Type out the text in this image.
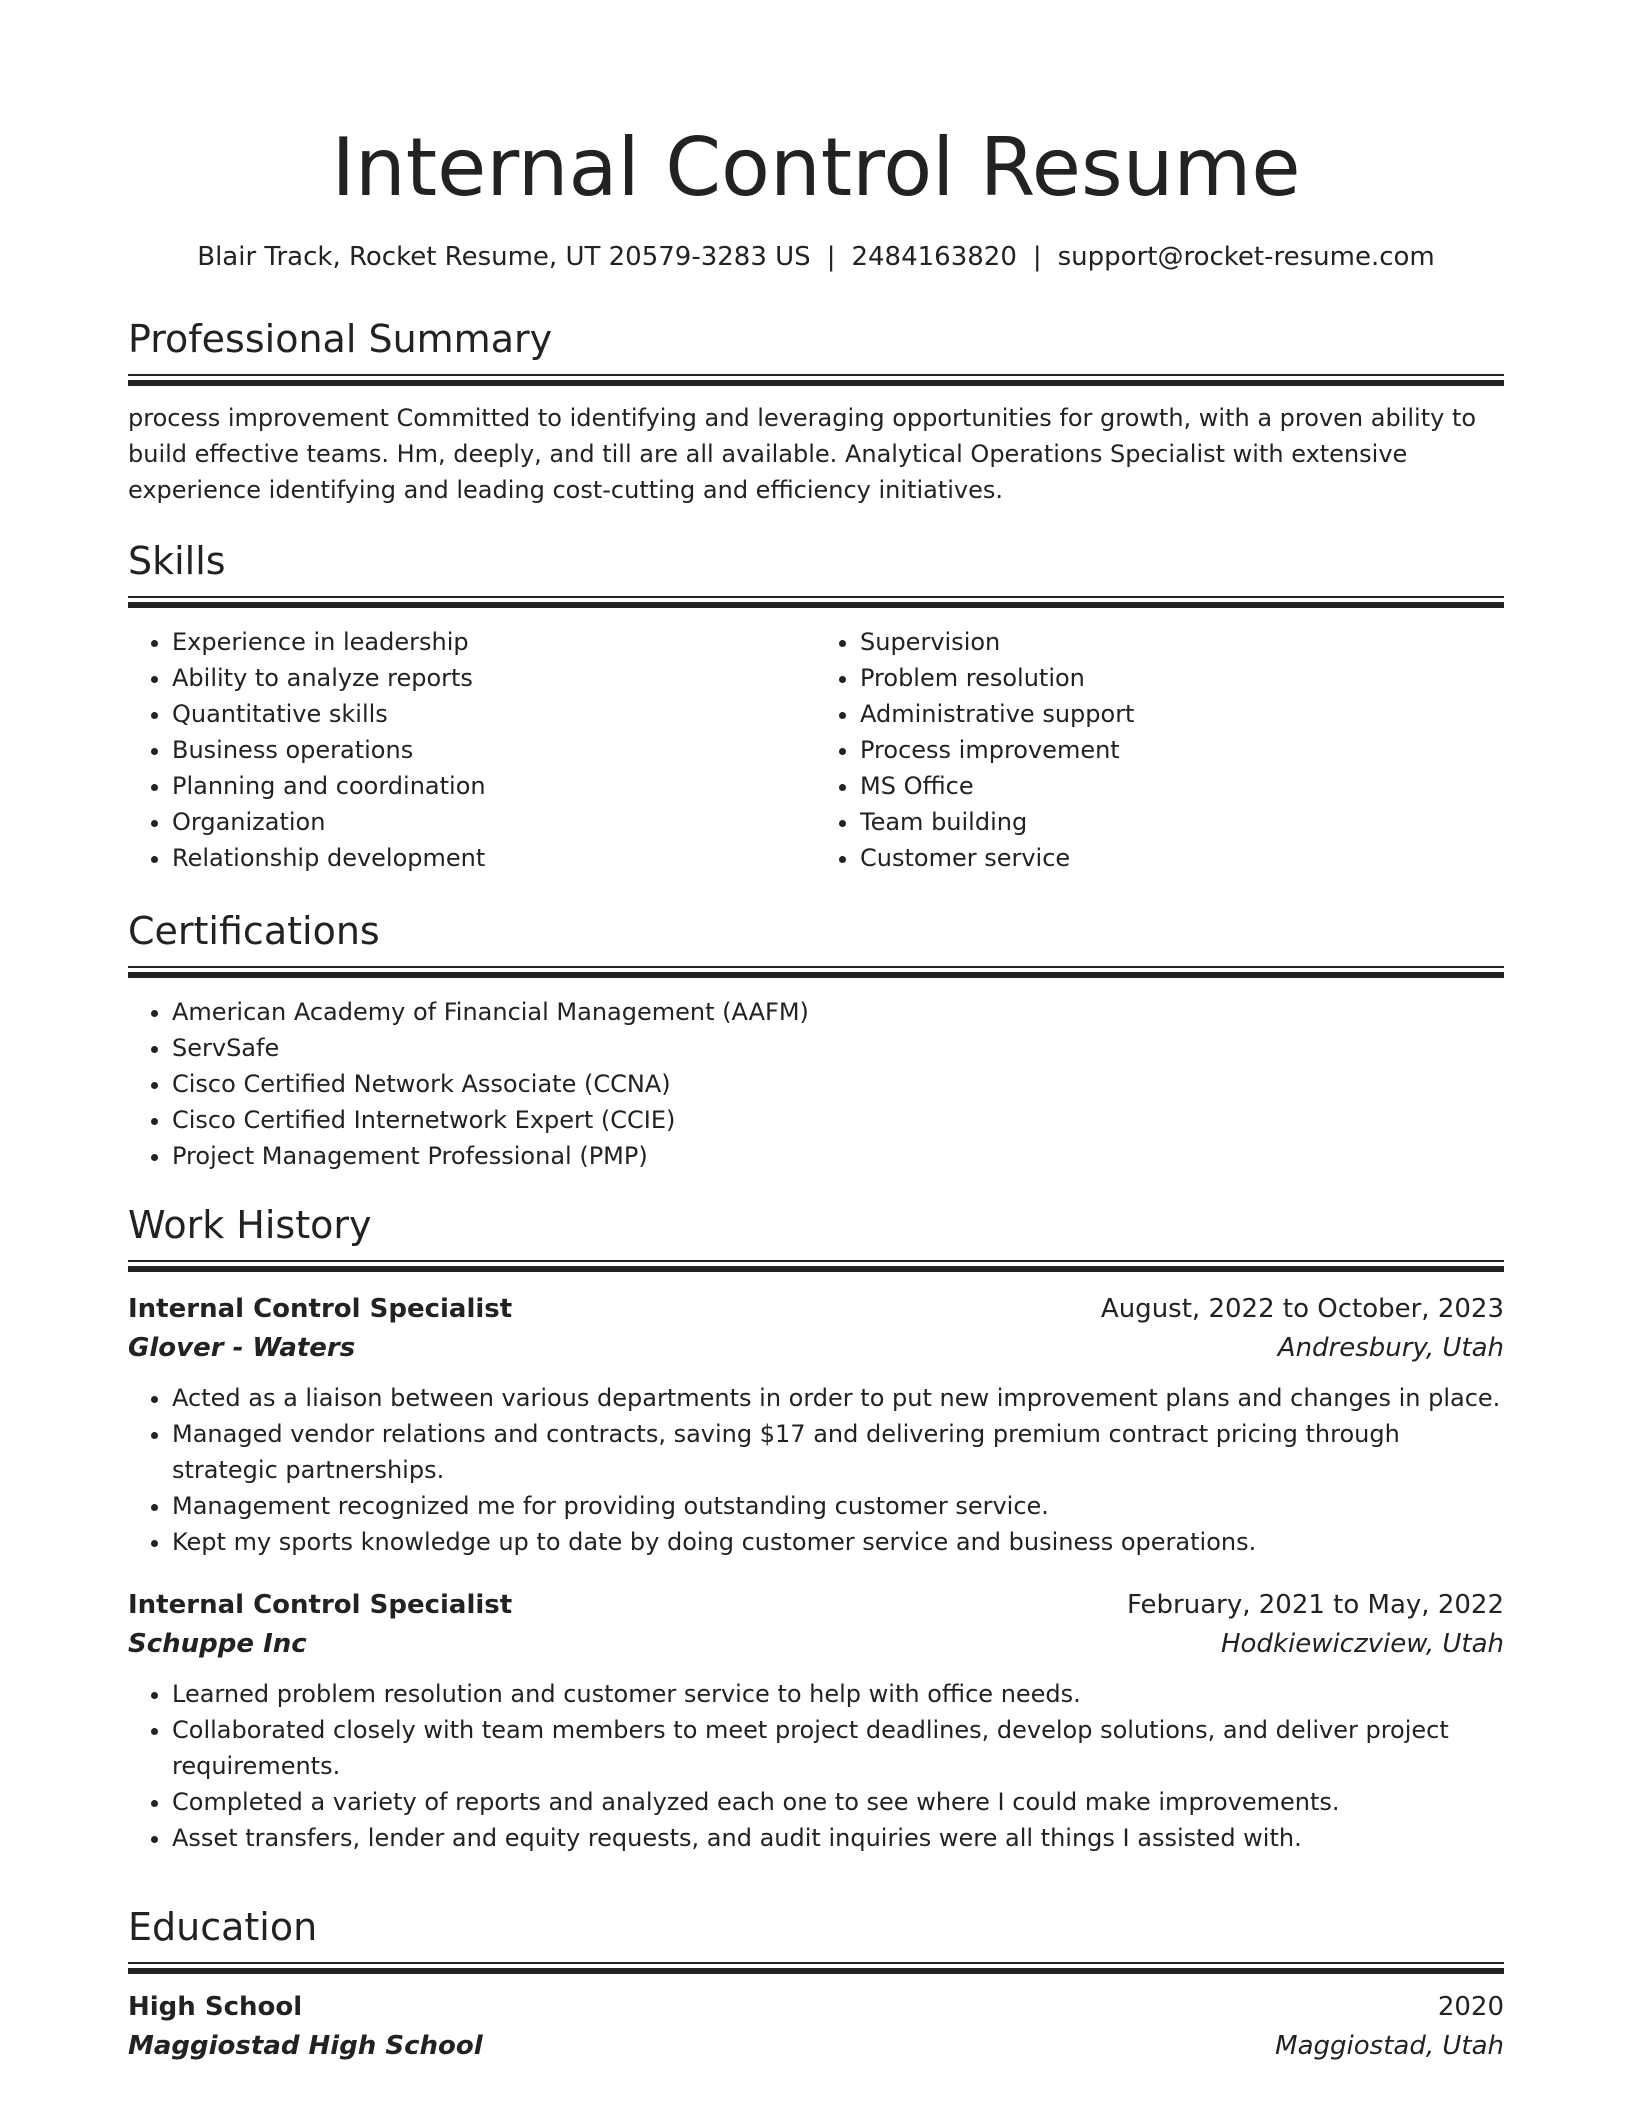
Internal Control Resume
Blair Track, Rocket Resume, UT 20579-3283 US | 2484163820 | support@rocket-resume.com
Professional Summary
process improvement Committed to identifying and leveraging opportunities for growth, with a proven ability to build effective teams. Hm, deeply, and till are all available. Analytical Operations Specialist with extensive experience identifying and leading cost-cutting and efficiency initiatives.
Skills
• Experience in leadership
• Ability to analyze reports
• Quantitative skills
• Business operations
• Planning and coordination
• Organization
• Relationship development
• Supervision
• Problem resolution
• Administrative support
• Process improvement
• MS Office
• Team building
• Customer service
Certifications
• American Academy of Financial Management (AAFM)
• ServSafe
• Cisco Certified Network Associate (CCNA)
• Cisco Certified Internetwork Expert (CCIE)
• Project Management Professional (PMP)
Work History
Internal Control Specialist	August, 2022 to October, 2023
Glover - Waters	Andresbury, Utah
• Acted as a liaison between various departments in order to put new improvement plans and changes in place.
• Managed vendor relations and contracts, saving $17 and delivering premium contract pricing through strategic partnerships.
• Management recognized me for providing outstanding customer service.
• Kept my sports knowledge up to date by doing customer service and business operations.
Internal Control Specialist	February, 2021 to May, 2022
Schuppe Inc	Hodkiewiczview, Utah
• Learned problem resolution and customer service to help with office needs.
• Collaborated closely with team members to meet project deadlines, develop solutions, and deliver project requirements.
• Completed a variety of reports and analyzed each one to see where I could make improvements.
• Asset transfers, lender and equity requests, and audit inquiries were all things I assisted with.
Education
High School	2020
Maggiostad High School	Maggiostad, Utah
